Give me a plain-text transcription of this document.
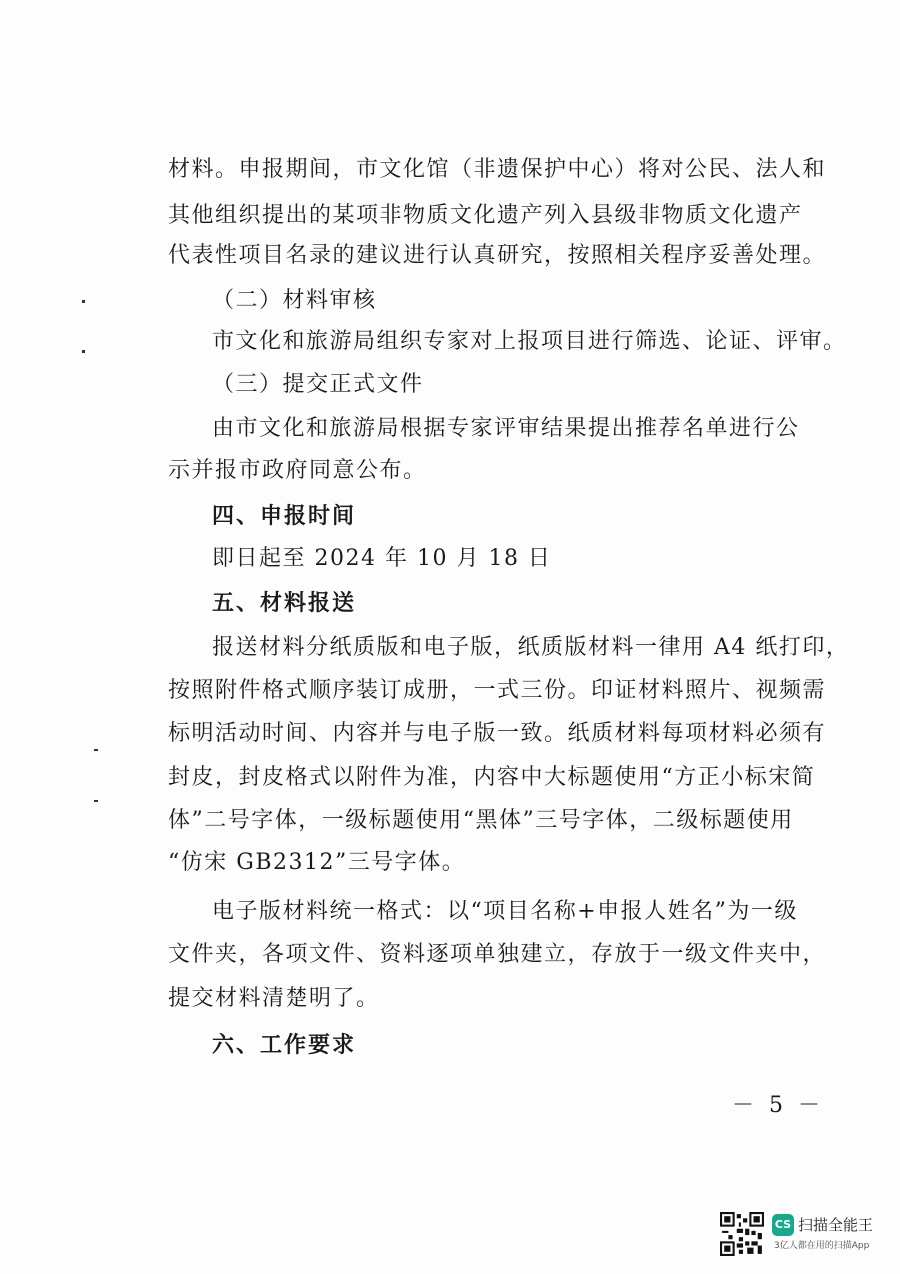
材料。申报期间，市文化馆（非遗保护中心）将对公民、法人和
其他组织提出的某项非物质文化遗产列入县级非物质文化遗产
代表性项目名录的建议进行认真研究，按照相关程序妥善处理。
（二）材料审核
市文化和旅游局组织专家对上报项目进行筛选、论证、评审。
（三）提交正式文件
由市文化和旅游局根据专家评审结果提出推荐名单进行公
示并报市政府同意公布。
四、申报时间
即日起至 2024 年 10 月 18 日
五、材料报送
报送材料分纸质版和电子版，纸质版材料一律用 A4 纸打印，
按照附件格式顺序装订成册，一式三份。印证材料照片、视频需
标明活动时间、内容并与电子版一致。纸质材料每项材料必须有
封皮，封皮格式以附件为准，内容中大标题使用“方正小标宋简
体”二号字体，一级标题使用“黑体”三号字体，二级标题使用
“仿宋 GB2312”三号字体。
电子版材料统一格式：以“项目名称+申报人姓名”为一级
文件夹，各项文件、资料逐项单独建立，存放于一级文件夹中，
提交材料清楚明了。
六、工作要求
－ 5 －
CS 扫描全能王
3亿人都在用的扫描App
